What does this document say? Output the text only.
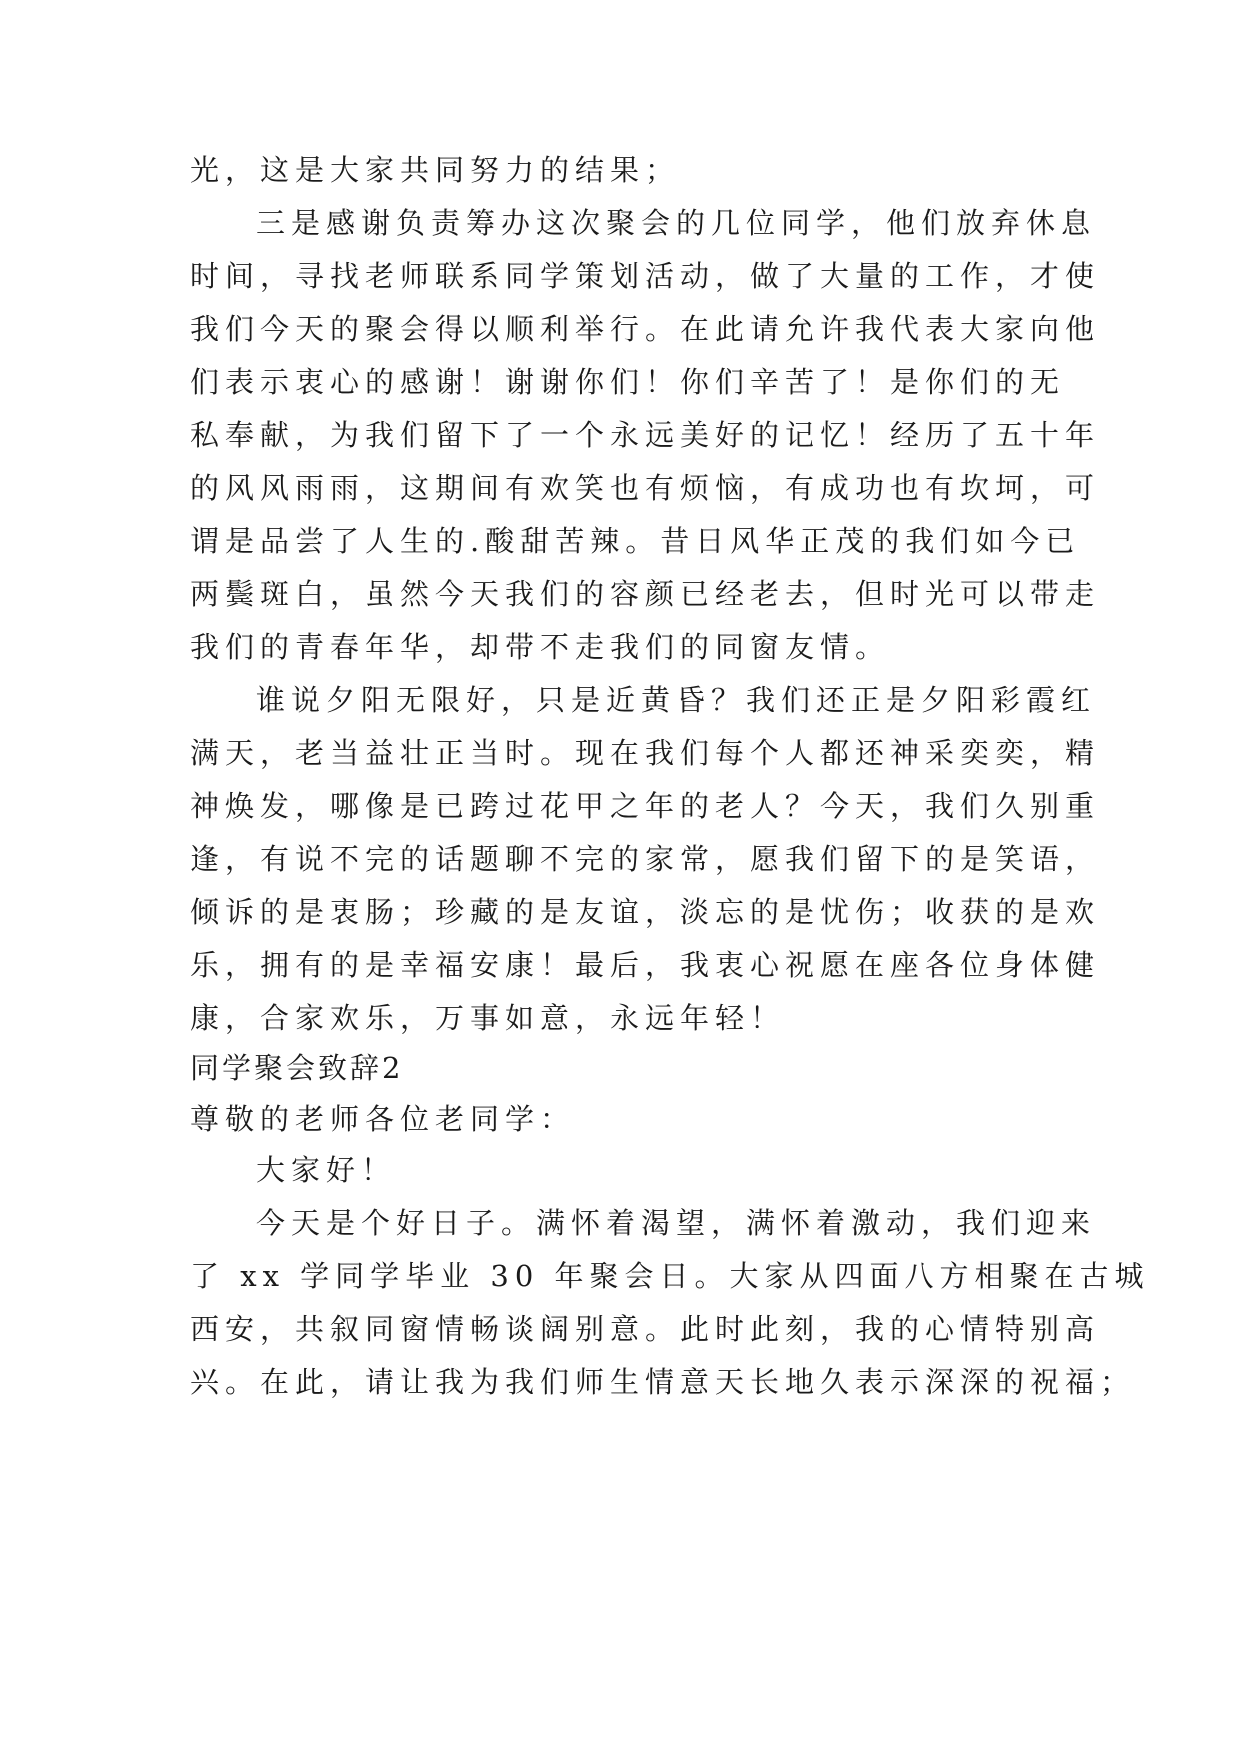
光，这是大家共同努力的结果；
三是感谢负责筹办这次聚会的几位同学，他们放弃休息
时间，寻找老师联系同学策划活动，做了大量的工作，才使
我们今天的聚会得以顺利举行。在此请允许我代表大家向他
们表示衷心的感谢！谢谢你们！你们辛苦了！是你们的无
私奉献，为我们留下了一个永远美好的记忆！经历了五十年
的风风雨雨，这期间有欢笑也有烦恼，有成功也有坎坷，可
谓是品尝了人生的.酸甜苦辣。昔日风华正茂的我们如今已
两鬓斑白，虽然今天我们的容颜已经老去，但时光可以带走
我们的青春年华，却带不走我们的同窗友情。
谁说夕阳无限好，只是近黄昏？我们还正是夕阳彩霞红
满天，老当益壮正当时。现在我们每个人都还神采奕奕，精
神焕发，哪像是已跨过花甲之年的老人？今天，我们久别重
逢，有说不完的话题聊不完的家常，愿我们留下的是笑语，
倾诉的是衷肠；珍藏的是友谊，淡忘的是忧伤；收获的是欢
乐，拥有的是幸福安康！最后，我衷心祝愿在座各位身体健
康，合家欢乐，万事如意，永远年轻！
同学聚会致辞2
尊敬的老师各位老同学：
大家好！
今天是个好日子。满怀着渴望，满怀着激动，我们迎来
了 xx 学同学毕业 30 年聚会日。大家从四面八方相聚在古城
西安，共叙同窗情畅谈阔别意。此时此刻，我的心情特别高
兴。在此，请让我为我们师生情意天长地久表示深深的祝福；
